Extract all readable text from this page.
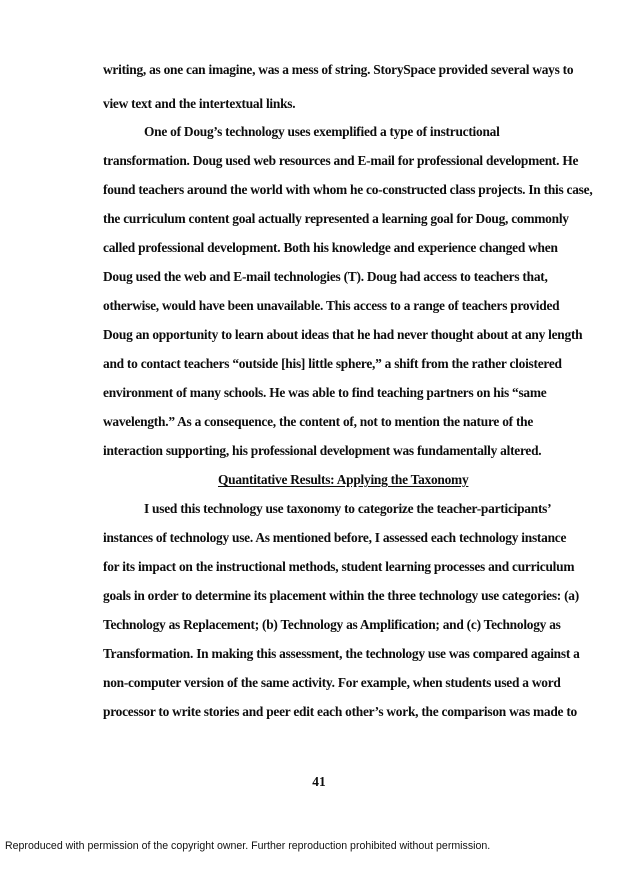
writing, as one can imagine, was a mess of string. StorySpace provided several ways to
view text and the intertextual links.
One of Doug’s technology uses exemplified a type of instructional
transformation. Doug used web resources and E-mail for professional development. He
found teachers around the world with whom he co-constructed class projects. In this case,
the curriculum content goal actually represented a learning goal for Doug, commonly
called professional development. Both his knowledge and experience changed when
Doug used the web and E-mail technologies (T). Doug had access to teachers that,
otherwise, would have been unavailable. This access to a range of teachers provided
Doug an opportunity to learn about ideas that he had never thought about at any length
and to contact teachers “outside [his] little sphere,” a shift from the rather cloistered
environment of many schools. He was able to find teaching partners on his “same
wavelength.” As a consequence, the content of, not to mention the nature of the
interaction supporting, his professional development was fundamentally altered.
Quantitative Results: Applying the Taxonomy
I used this technology use taxonomy to categorize the teacher-participants’
instances of technology use. As mentioned before, I assessed each technology instance
for its impact on the instructional methods, student learning processes and curriculum
goals in order to determine its placement within the three technology use categories: (a)
Technology as Replacement; (b) Technology as Amplification; and (c) Technology as
Transformation. In making this assessment, the technology use was compared against a
non-computer version of the same activity. For example, when students used a word
processor to write stories and peer edit each other’s work, the comparison was made to
41
Reproduced with permission of the copyright owner. Further reproduction prohibited without permission.
